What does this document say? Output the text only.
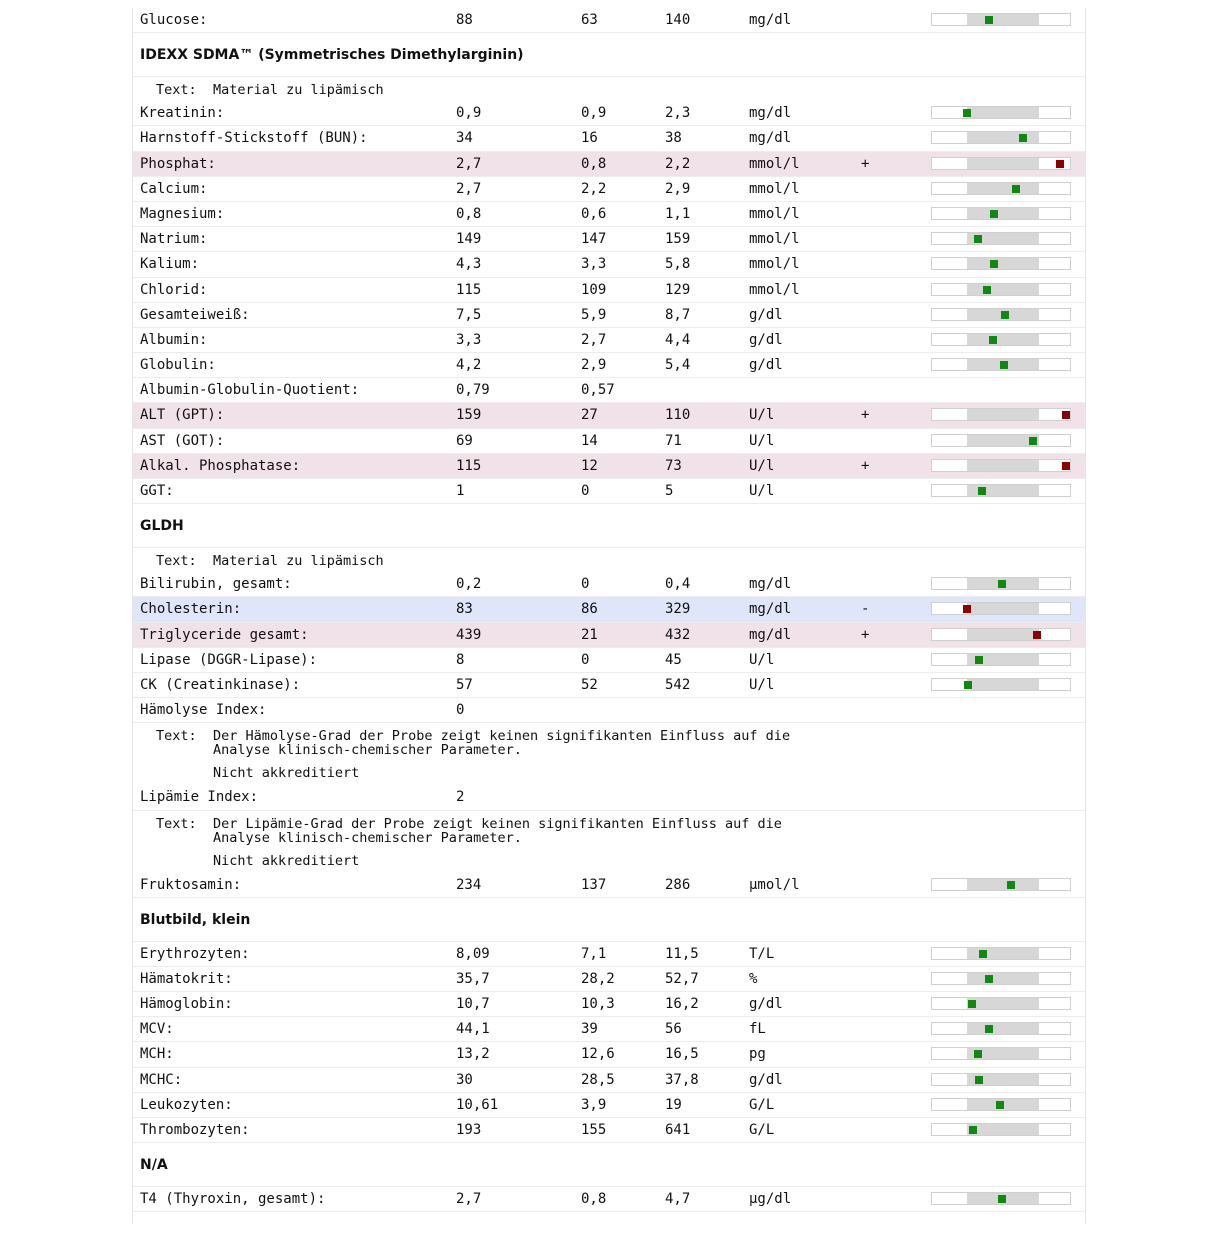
Glucose:	88	63	140	mg/dl
IDEXX SDMA™ (Symmetrisches Dimethylarginin)
Text: Material zu lipämisch
Kreatinin:	0,9	0,9	2,3	mg/dl
Harnstoff-Stickstoff (BUN):	34	16	38	mg/dl
Phosphat:	2,7	0,8	2,2	mmol/l	+
Calcium:	2,7	2,2	2,9	mmol/l
Magnesium:	0,8	0,6	1,1	mmol/l
Natrium:	149	147	159	mmol/l
Kalium:	4,3	3,3	5,8	mmol/l
Chlorid:	115	109	129	mmol/l
Gesamteiweiß:	7,5	5,9	8,7	g/dl
Albumin:	3,3	2,7	4,4	g/dl
Globulin:	4,2	2,9	5,4	g/dl
Albumin-Globulin-Quotient:	0,79	0,57
ALT (GPT):	159	27	110	U/l	+
AST (GOT):	69	14	71	U/l
Alkal. Phosphatase:	115	12	73	U/l	+
GGT:	1	0	5	U/l
GLDH
Text: Material zu lipämisch
Bilirubin, gesamt:	0,2	0	0,4	mg/dl
Cholesterin:	83	86	329	mg/dl	-
Triglyceride gesamt:	439	21	432	mg/dl	+
Lipase (DGGR-Lipase):	8	0	45	U/l
CK (Creatinkinase):	57	52	542	U/l
Hämolyse Index:	0
Text: Der Hämolyse-Grad der Probe zeigt keinen signifikanten Einfluss auf die
Analyse klinisch-chemischer Parameter.
Nicht akkreditiert
Lipämie Index:	2
Text: Der Lipämie-Grad der Probe zeigt keinen signifikanten Einfluss auf die
Analyse klinisch-chemischer Parameter.
Nicht akkreditiert
Fruktosamin:	234	137	286	µmol/l
Blutbild, klein
Erythrozyten:	8,09	7,1	11,5	T/L
Hämatokrit:	35,7	28,2	52,7	%
Hämoglobin:	10,7	10,3	16,2	g/dl
MCV:	44,1	39	56	fL
MCH:	13,2	12,6	16,5	pg
MCHC:	30	28,5	37,8	g/dl
Leukozyten:	10,61	3,9	19	G/L
Thrombozyten:	193	155	641	G/L
N/A
T4 (Thyroxin, gesamt):	2,7	0,8	4,7	µg/dl
